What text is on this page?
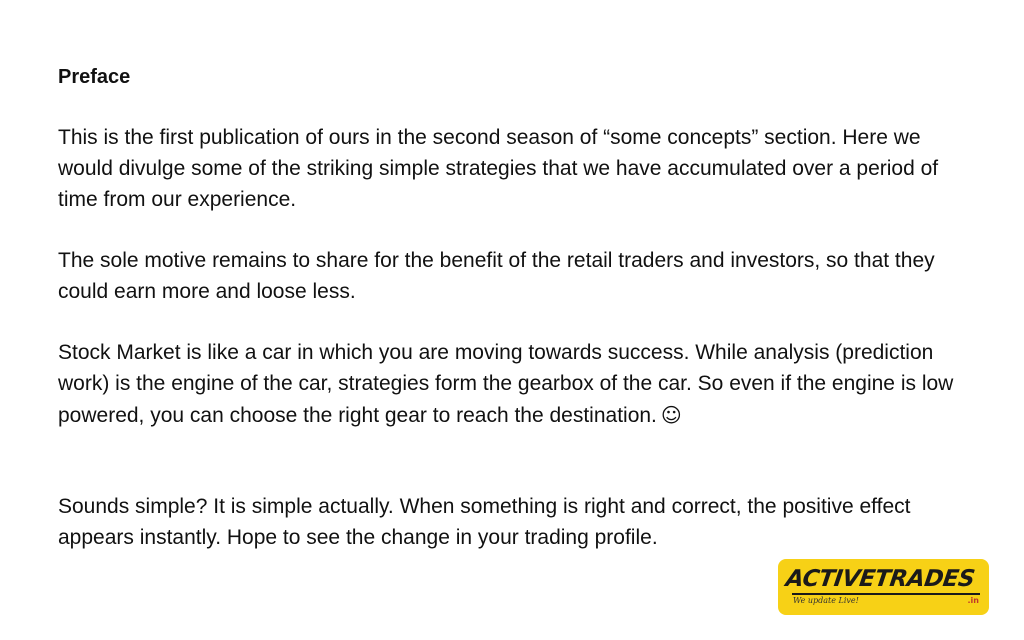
Preface

This is the first publication of ours in the second season of “some concepts” section. Here we would divulge some of the striking simple strategies that we have accumulated over a period of time from our experience.

The sole motive remains to share for the benefit of the retail traders and investors, so that they could earn more and loose less.

Stock Market is like a car in which you are moving towards success. While analysis (prediction work) is the engine of the car, strategies form the gearbox of the car. So even if the engine is low powered, you can choose the right gear to reach the destination. ☺

Sounds simple? It is simple actually. When something is right and correct, the positive effect appears instantly. Hope to see the change in your trading profile.

ACTIVETRADES
We update Live!	.in
